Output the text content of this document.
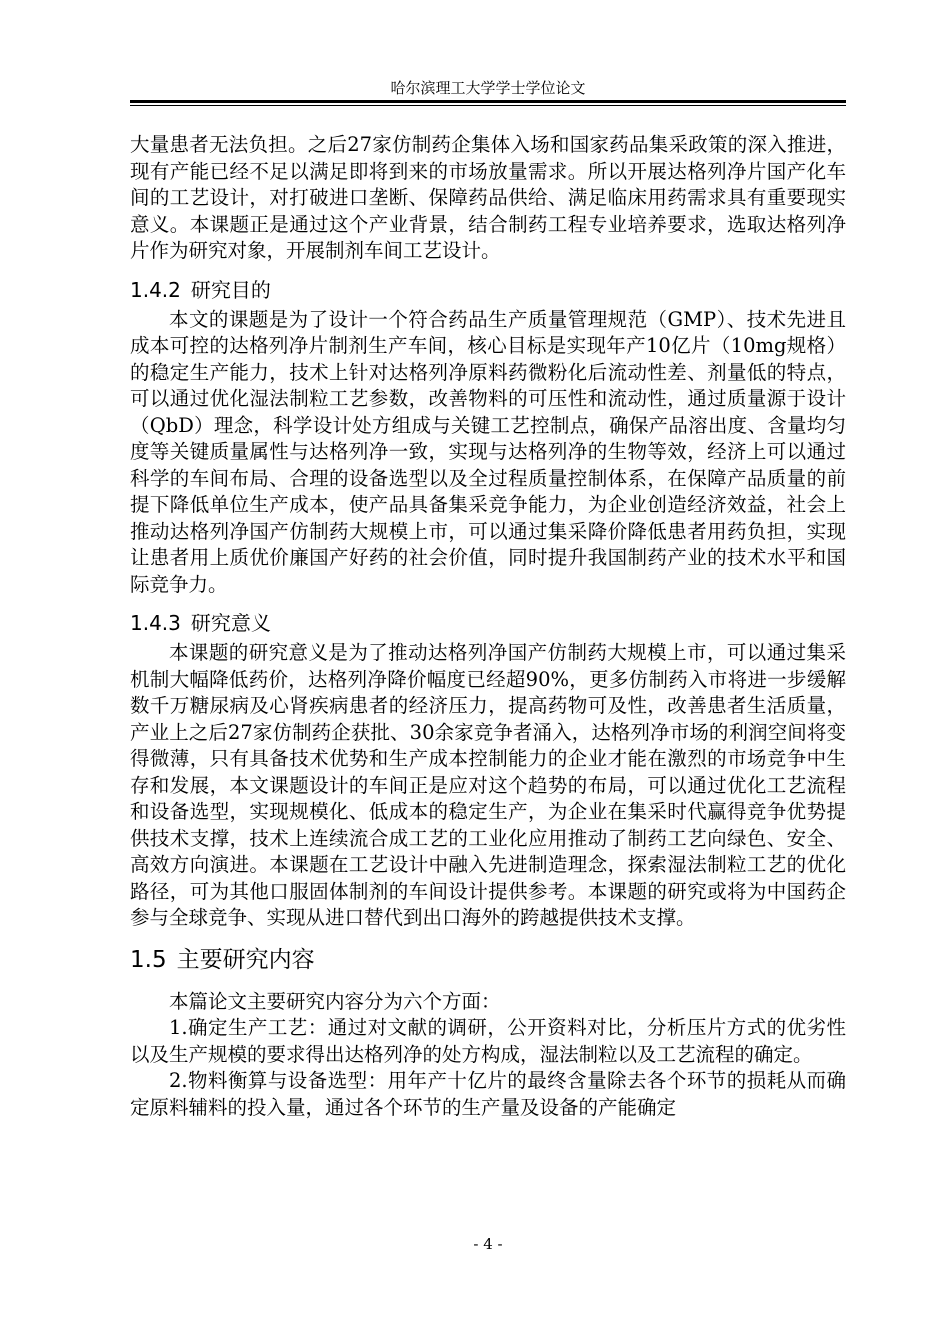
哈尔滨理工大学学士学位论文

大量患者无法负担。之后27家仿制药企集体入场和国家药品集采政策的深入推进，现有产能已经不足以满足即将到来的市场放量需求。所以开展达格列净片国产化车间的工艺设计，对打破进口垄断、保障药品供给、满足临床用药需求具有重要现实意义。本课题正是通过这个产业背景，结合制药工程专业培养要求，选取达格列净片作为研究对象，开展制剂车间工艺设计。

1.4.2 研究目的

本文的课题是为了设计一个符合药品生产质量管理规范（GMP）、技术先进且成本可控的达格列净片制剂生产车间，核心目标是实现年产10亿片（10mg规格）的稳定生产能力，技术上针对达格列净原料药微粉化后流动性差、剂量低的特点，可以通过优化湿法制粒工艺参数，改善物料的可压性和流动性，通过质量源于设计（QbD）理念，科学设计处方组成与关键工艺控制点，确保产品溶出度、含量均匀度等关键质量属性与达格列净一致，实现与达格列净的生物等效，经济上可以通过科学的车间布局、合理的设备选型以及全过程质量控制体系，在保障产品质量的前提下降低单位生产成本，使产品具备集采竞争能力，为企业创造经济效益，社会上推动达格列净国产仿制药大规模上市，可以通过集采降价降低患者用药负担，实现让患者用上质优价廉国产好药的社会价值，同时提升我国制药产业的技术水平和国际竞争力。

1.4.3 研究意义

本课题的研究意义是为了推动达格列净国产仿制药大规模上市，可以通过集采机制大幅降低药价，达格列净降价幅度已经超90%，更多仿制药入市将进一步缓解数千万糖尿病及心肾疾病患者的经济压力，提高药物可及性，改善患者生活质量，产业上之后27家仿制药企获批、30余家竞争者涌入，达格列净市场的利润空间将变得微薄，只有具备技术优势和生产成本控制能力的企业才能在激烈的市场竞争中生存和发展，本文课题设计的车间正是应对这个趋势的布局，可以通过优化工艺流程和设备选型，实现规模化、低成本的稳定生产，为企业在集采时代赢得竞争优势提供技术支撑，技术上连续流合成工艺的工业化应用推动了制药工艺向绿色、安全、高效方向演进。本课题在工艺设计中融入先进制造理念，探索湿法制粒工艺的优化路径，可为其他口服固体制剂的车间设计提供参考。本课题的研究或将为中国药企参与全球竞争、实现从进口替代到出口海外的跨越提供技术支撑。

1.5 主要研究内容

本篇论文主要研究内容分为六个方面：

1.确定生产工艺：通过对文献的调研，公开资料对比，分析压片方式的优劣性以及生产规模的要求得出达格列净的处方构成，湿法制粒以及工艺流程的确定。

2.物料衡算与设备选型：用年产十亿片的最终含量除去各个环节的损耗从而确定原料辅料的投入量，通过各个环节的生产量及设备的产能确定

- 4 -
